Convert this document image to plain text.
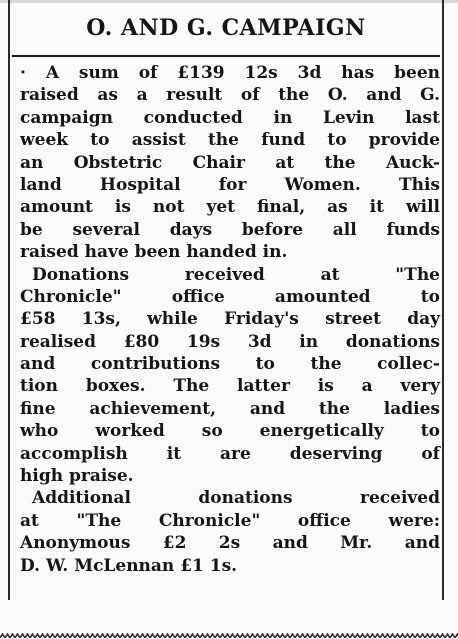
O. AND G. CAMPAIGN
· A sum of £139 12s 3d has been
raised as a result of the O. and G.
campaign conducted in Levin last
week to assist the fund to provide
an Obstetric Chair at the Auck-
land Hospital for Women. This
amount is not yet final, as it will
be several days before all funds
raised have been handed in.
Donations received at "The
Chronicle" office amounted to
£58 13s, while Friday's street day
realised £80 19s 3d in donations
and contributions to the collec-
tion boxes. The latter is a very
fine achievement, and the ladies
who worked so energetically to
accomplish it are deserving of
high praise.
Additional donations received
at "The Chronicle" office were:
Anonymous £2 2s and Mr. and
D. W. McLennan £1 1s.
